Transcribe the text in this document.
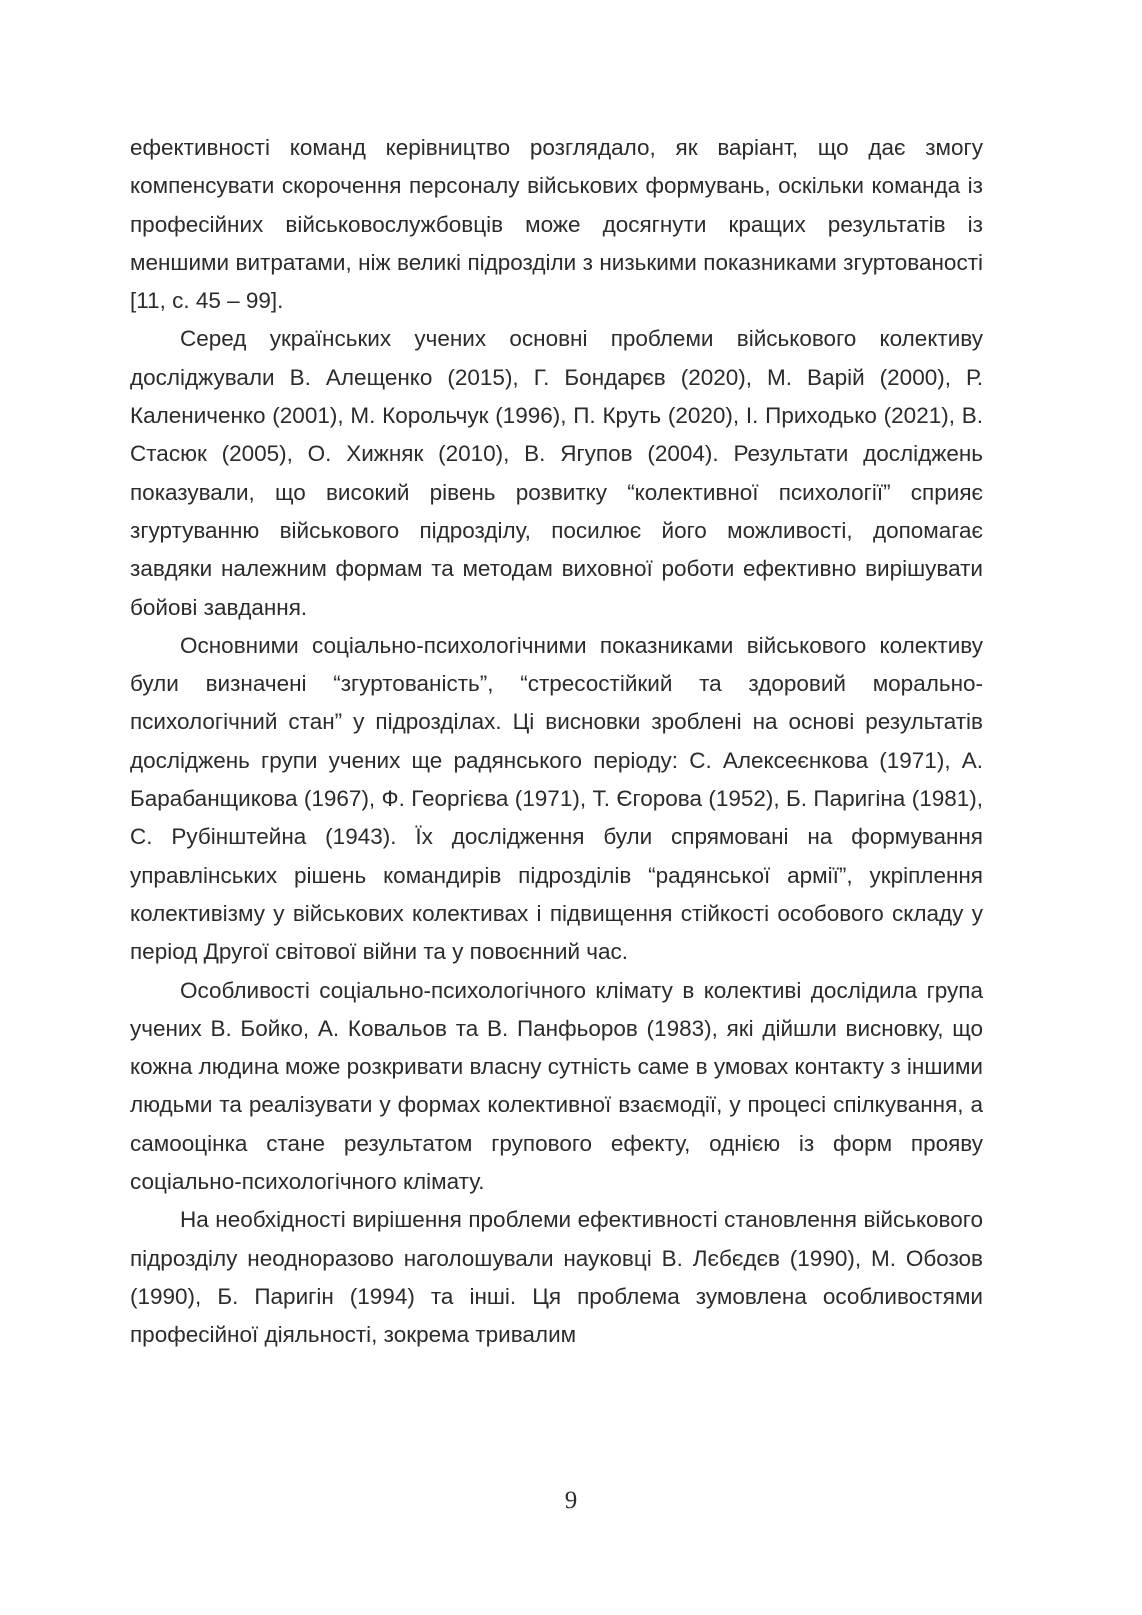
ефективності команд керівництво розглядало, як варіант, що дає змогу компенсувати скорочення персоналу військових формувань, оскільки команда із професійних військовослужбовців може досягнути кращих результатів із меншими витратами, ніж великі підрозділи з низькими показниками згуртованості [11, с. 45 – 99].

Серед українських учених основні проблеми військового колективу досліджували В. Алещенко (2015), Г. Бондарєв (2020), М. Варій (2000), Р. Калениченко (2001), М. Корольчук (1996), П. Круть (2020), І. Приходько (2021), В. Стасюк (2005), О. Хижняк (2010), В. Ягупов (2004). Результати досліджень показували, що високий рівень розвитку “колективної психології” сприяє згуртуванню військового підрозділу, посилює його можливості, допомагає завдяки належним формам та методам виховної роботи ефективно вирішувати бойові завдання.

Основними соціально-психологічними показниками військового колективу були визначені “згуртованість”, “стресостійкий та здоровий морально-психологічний стан” у підрозділах. Ці висновки зроблені на основі результатів досліджень групи учених ще радянського періоду: С. Алексеєнкова (1971), А. Барабанщикова (1967), Ф. Георгієва (1971), Т. Єгорова (1952), Б. Паригіна (1981), С. Рубінштейна (1943). Їх дослідження були спрямовані на формування управлінських рішень командирів підрозділів “радянської армії”, укріплення колективізму у військових колективах і підвищення стійкості особового складу у період Другої світової війни та у повоєнний час.

Особливості соціально-психологічного клімату в колективі дослідила група учених В. Бойко, А. Ковальов та В. Панфьоров (1983), які дійшли висновку, що кожна людина може розкривати власну сутність саме в умовах контакту з іншими людьми та реалізувати у формах колективної взаємодії, у процесі спілкування, а самооцінка стане результатом групового ефекту, однією із форм прояву соціально-психологічного клімату.

На необхідності вирішення проблеми ефективності становлення військового підрозділу неодноразово наголошували науковці В. Лєбєдєв (1990), М. Обозов (1990), Б. Паригін (1994) та інші. Ця проблема зумовлена особливостями професійної діяльності, зокрема тривалим

9
